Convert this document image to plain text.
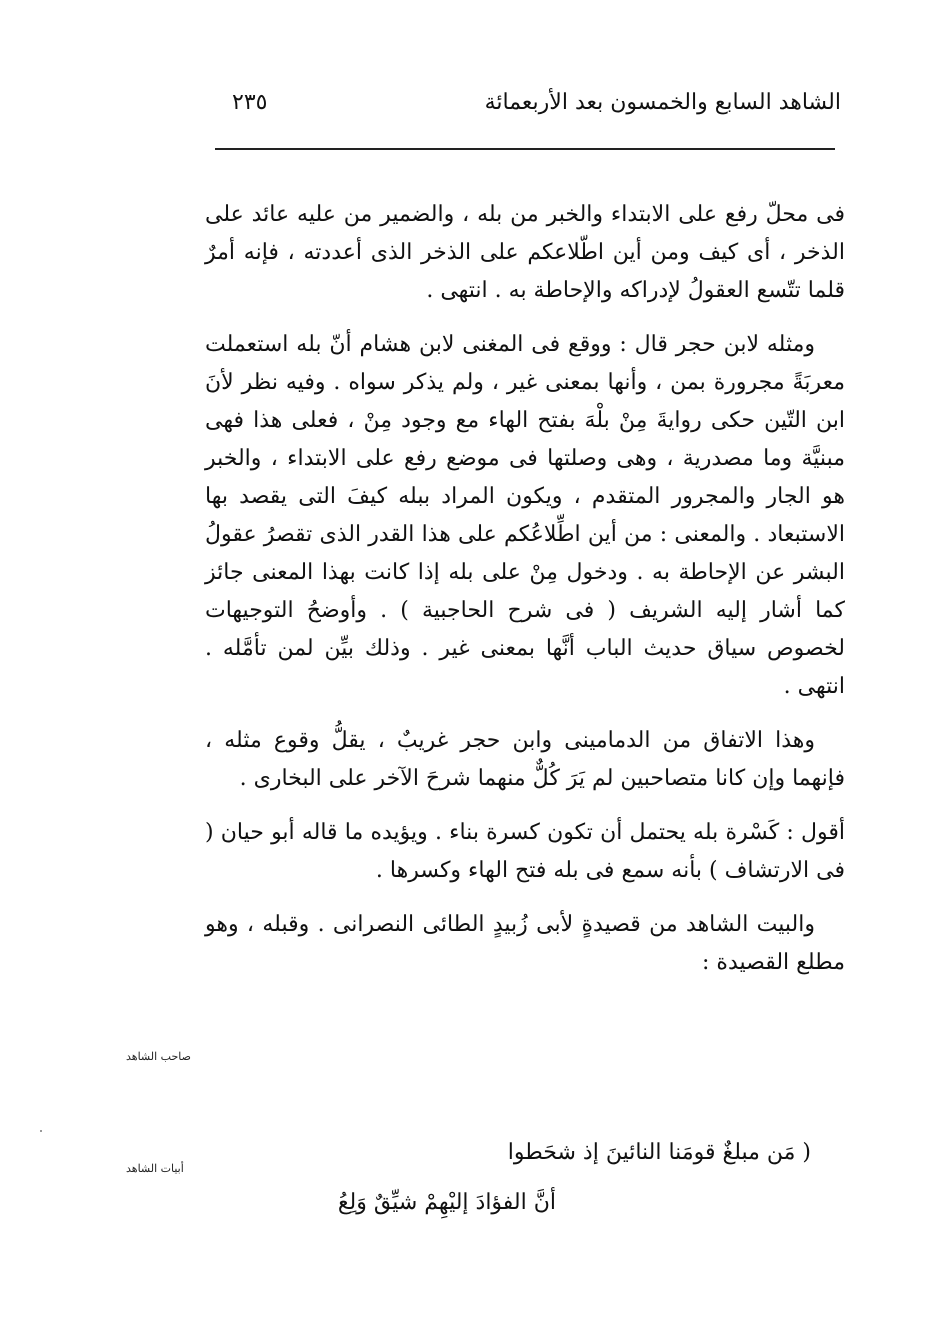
الشاهد السابع والخمسون بعد الأربعمائة
٢٣٥

فى محلّ رفع على الابتداء والخبر من بله ، والضمير من عليه عائد على الذخر ، أى كيف ومن أين اطّلاعكم على الذخر الذى أعددته ، فإنه أمرٌ قلما تتّسع العقولُ لإدراكه والإحاطة به . انتهى .

ومثله لابن حجر قال : ووقع فى المغنى لابن هشام أنّ بله استعملت معربَةً مجرورة بمن ، وأنها بمعنى غير ، ولم يذكر سواه . وفيه نظر لأنَ ابن التّين حكى روايةَ مِنْ بلْهَ بفتح الهاء مع وجود مِنْ ، فعلى هذا فهى مبنيَّة وما مصدرية ، وهى وصلتها فى موضع رفع على الابتداء ، والخبر هو الجار والمجرور المتقدم ، ويكون المراد ببله كيفَ التى يقصد بها الاستبعاد . والمعنى : من أين اطِّلاعُكم على هذا القدر الذى تقصرُ عقولُ البشر عن الإحاطة به . ودخول مِنْ على بله إذا كانت بهذا المعنى جائز كما أشار إليه الشريف ( فى شرح الحاجبية ) . وأوضحُ التوجيهات لخصوص سياق حديث الباب أنَّها بمعنى غير . وذلك بيِّن لمن تأمَّله . انتهى .

وهذا الاتفاق من الدمامينى وابن حجر غريبٌ ، يقلُّ وقوع مثله ، فإنهما وإن كانا متصاحبين لم يَرَ كُلٌّ منهما شرحَ الآخر على البخارى .

أقول : كَسْرة بله يحتمل أن تكون كسرة بناء . ويؤيده ما قاله أبو حيان ( فى الارتشاف ) بأنه سمع فى بله فتح الهاء وكسرها .

والبيت الشاهد من قصيدةٍ لأبى زُبيدٍ الطائى النصرانى . وقبله ، وهو مطلع القصيدة :

صاحب الشاهد
أبيات الشاهد
( مَن مبلغٌ قومَنا النائينَ إذ شحَطوا
أنَّ الفؤادَ إليْهِمْ شيِّقٌ وَلِعُ
